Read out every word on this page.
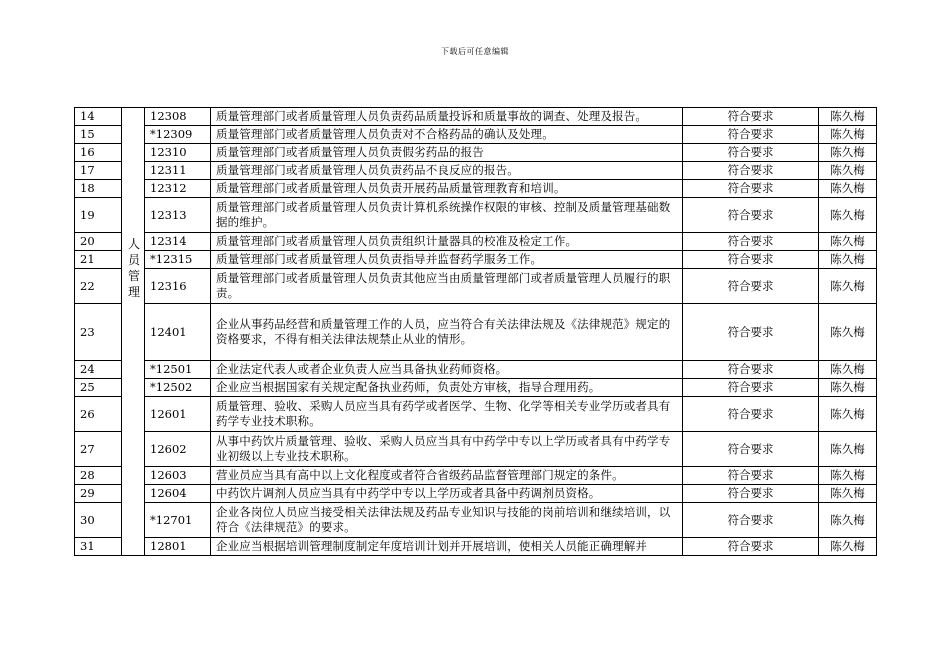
下载后可任意编辑
14	人员管理	12308	质量管理部门或者质量管理人员负责药品质量投诉和质量事故的调查、处理及报告。	符合要求	陈久梅
15		*12309	质量管理部门或者质量管理人员负责对不合格药品的确认及处理。	符合要求	陈久梅
16		12310	质量管理部门或者质量管理人员负责假劣药品的报告	符合要求	陈久梅
17		12311	质量管理部门或者质量管理人员负责药品不良反应的报告。	符合要求	陈久梅
18		12312	质量管理部门或者质量管理人员负责开展药品质量管理教育和培训。	符合要求	陈久梅
19		12313	质量管理部门或者质量管理人员负责计算机系统操作权限的审核、控制及质量管理基础数据的维护。	符合要求	陈久梅
20		12314	质量管理部门或者质量管理人员负责组织计量器具的校准及检定工作。	符合要求	陈久梅
21		*12315	质量管理部门或者质量管理人员负责指导并监督药学服务工作。	符合要求	陈久梅
22		12316	质量管理部门或者质量管理人员负责其他应当由质量管理部门或者质量管理人员履行的职责。	符合要求	陈久梅
23		12401	企业从事药品经营和质量管理工作的人员，应当符合有关法律法规及《法律规范》规定的资格要求，不得有相关法律法规禁止从业的情形。	符合要求	陈久梅
24		*12501	企业法定代表人或者企业负责人应当具备执业药师资格。	符合要求	陈久梅
25		*12502	企业应当根据国家有关规定配备执业药师，负责处方审核，指导合理用药。	符合要求	陈久梅
26		12601	质量管理、验收、采购人员应当具有药学或者医学、生物、化学等相关专业学历或者具有药学专业技术职称。	符合要求	陈久梅
27		12602	从事中药饮片质量管理、验收、采购人员应当具有中药学中专以上学历或者具有中药学专业初级以上专业技术职称。	符合要求	陈久梅
28		12603	营业员应当具有高中以上文化程度或者符合省级药品监督管理部门规定的条件。	符合要求	陈久梅
29		12604	中药饮片调剂人员应当具有中药学中专以上学历或者具备中药调剂员资格。	符合要求	陈久梅
30		*12701	企业各岗位人员应当接受相关法律法规及药品专业知识与技能的岗前培训和继续培训，以符合《法律规范》的要求。	符合要求	陈久梅
31		12801	企业应当根据培训管理制度制定年度培训计划并开展培训，使相关人员能正确理解并	符合要求	陈久梅
